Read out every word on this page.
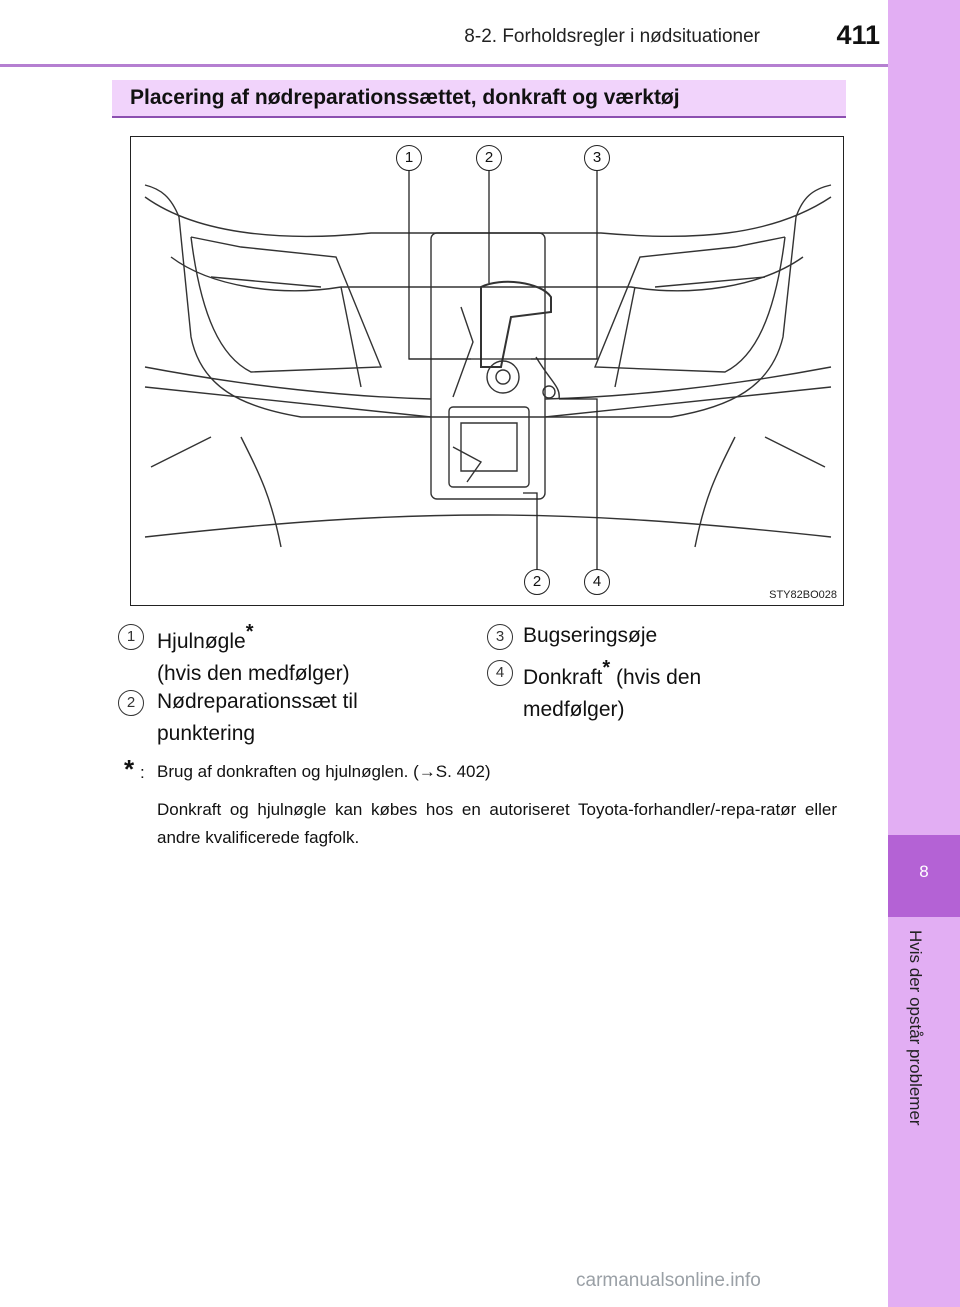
8
Hvis der opstår problemer
8-2. Forholdsregler i nødsituationer	411
Placering af nødreparationssættet, donkraft og værktøj
1	2	3
2	4
STY82BO028
1	Hjulnøgle*
(hvis den medfølger)
2	Nødreparationssæt til
punktering
3 Bugseringsøje
4 Donkraft* (hvis den
medfølger)
* : Brug af donkraften og hjulnøglen. (→S. 402)
Donkraft og hjulnøgle kan købes hos en autoriseret Toyota-forhandler/-repa-ratør eller andre kvalificerede fagfolk.
carmanualsonline.info
